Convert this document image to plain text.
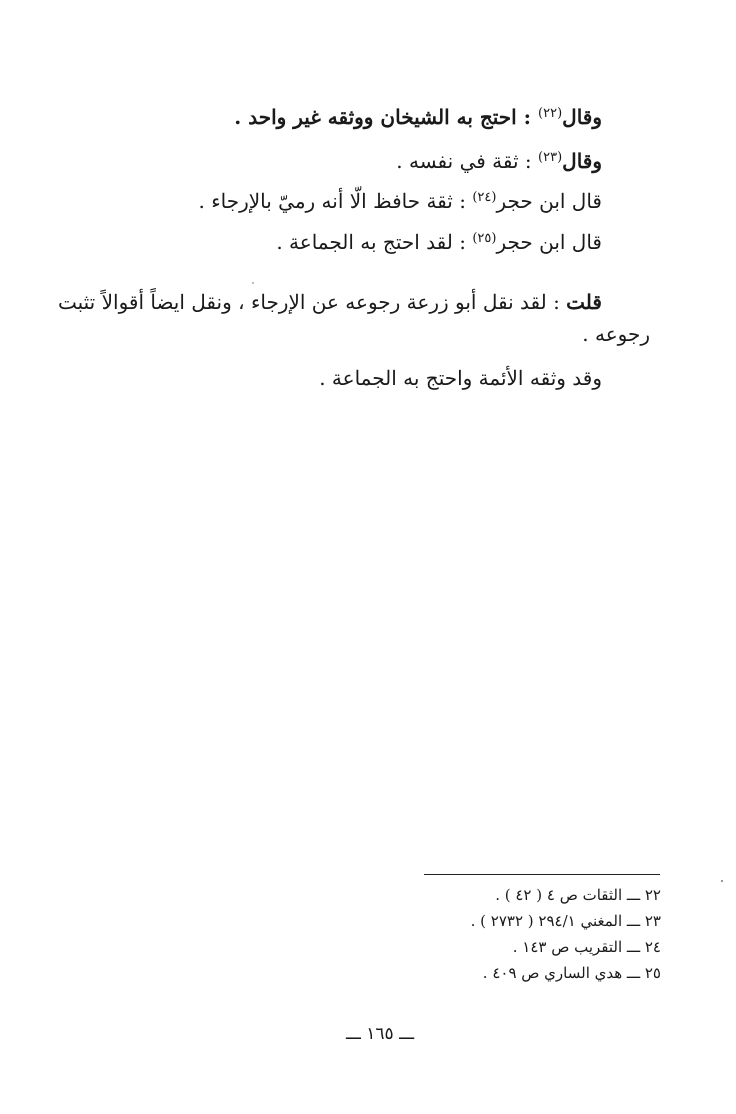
وقال$^{(٢٢)}$ : احتج به الشيخان ووثقه غير واحد .
وقال$^{(٢٣)}$ : ثقة في نفسه .
قال ابن حجر$^{(٢٤)}$ : ثقة حافظ الّا أنه رميّ بالإرجاء .
قال ابن حجر$^{(٢٥)}$ : لقد احتج به الجماعة .
قلت : لقد نقل أبو زرعة رجوعه عن الإرجاء ، ونقل ايضاً أقوالاً تثبت
رجوعه .
وقد وثقه الأئمة واحتج به الجماعة .
٢٢ ـــ الثقات ص ٤ ( ٤٢ ) .
٢٣ ـــ المغني ٢٩٤/١ ( ٢٧٣٢ ) .
٢٤ ـــ التقريب ص ١٤٣ .
٢٥ ـــ هدي الساري ص ٤٠٩ .
ـــ ١٦٥ ـــ
